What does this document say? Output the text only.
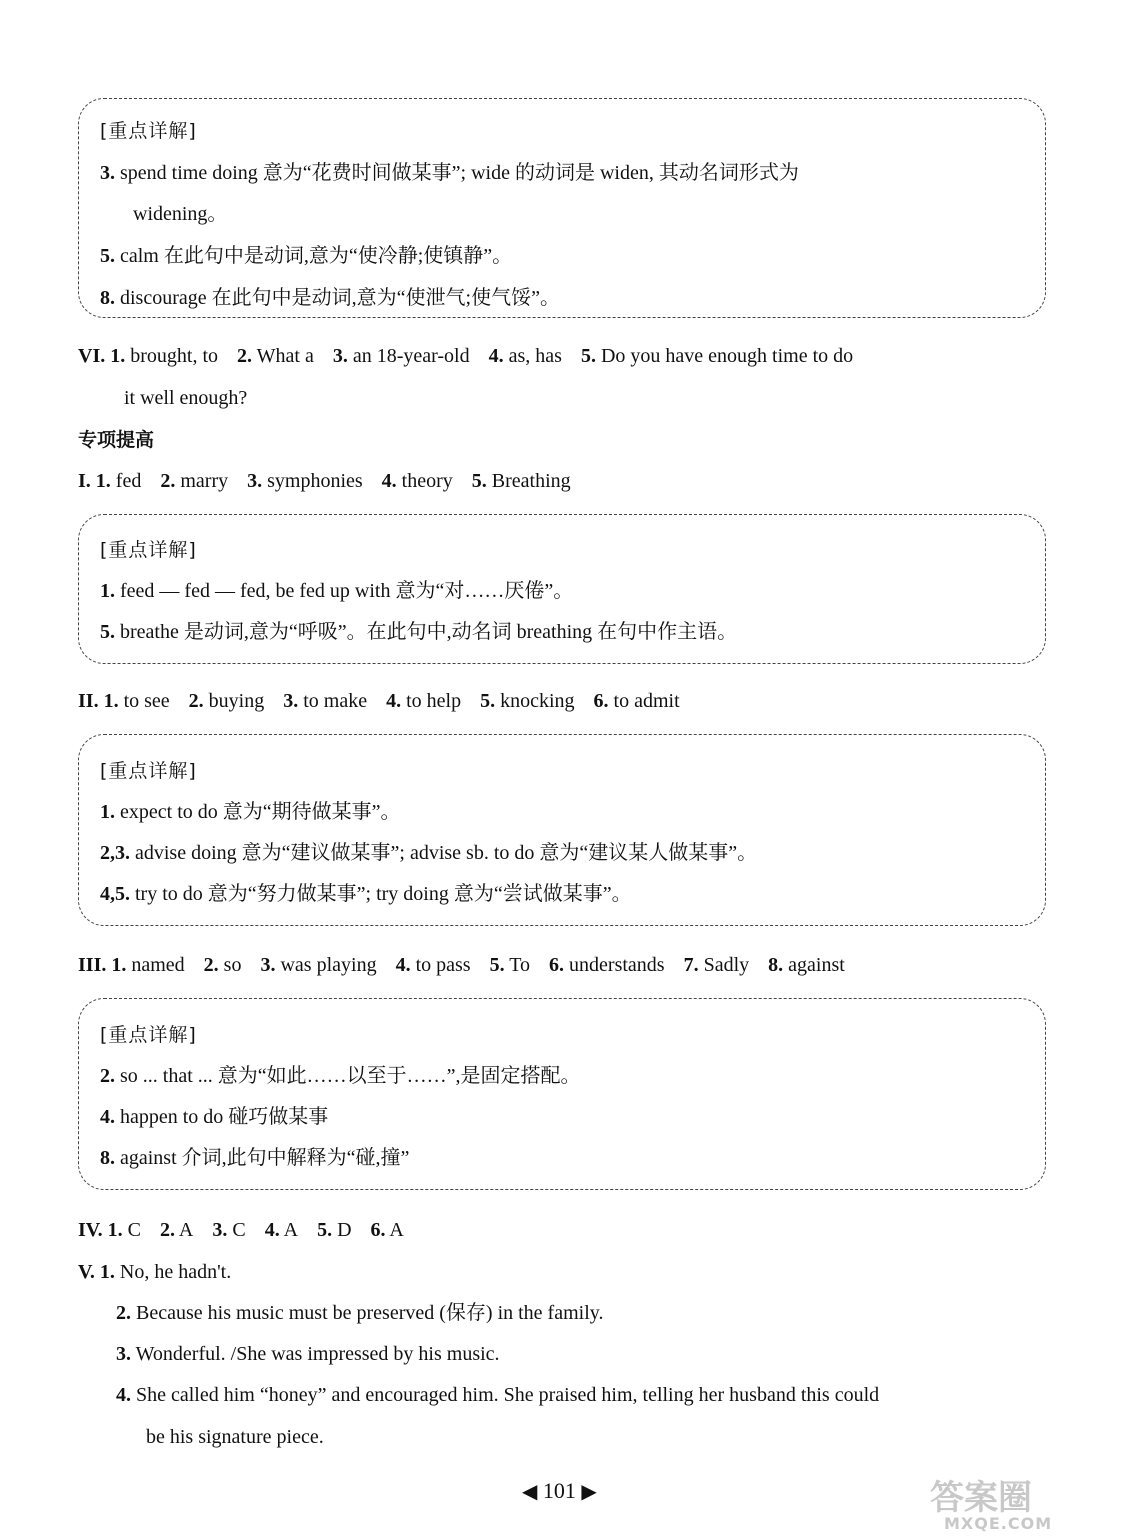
[重点详解]
3. spend time doing 意为“花费时间做某事”; wide 的动词是 widen, 其动名词形式为
widening。
5. calm 在此句中是动词,意为“使冷静;使镇静”。
8. discourage 在此句中是动词,意为“使泄气;使气馁”。
VI. 1. brought, to 2. What a 3. an 18-year-old 4. as, has 5. Do you have enough time to do
it well enough?
专项提高
I. 1. fed 2. marry 3. symphonies 4. theory 5. Breathing
[重点详解]
1. feed — fed — fed, be fed up with 意为“对……厌倦”。
5. breathe 是动词,意为“呼吸”。在此句中,动名词 breathing 在句中作主语。
II. 1. to see 2. buying 3. to make 4. to help 5. knocking 6. to admit
[重点详解]
1. expect to do 意为“期待做某事”。
2,3. advise doing 意为“建议做某事”; advise sb. to do 意为“建议某人做某事”。
4,5. try to do 意为“努力做某事”; try doing 意为“尝试做某事”。
III. 1. named 2. so 3. was playing 4. to pass 5. To 6. understands 7. Sadly 8. against
[重点详解]
2. so ... that ... 意为“如此……以至于……”,是固定搭配。
4. happen to do 碰巧做某事
8. against 介词,此句中解释为“碰,撞”
IV. 1. C 2. A 3. C 4. A 5. D 6. A
V. 1. No, he hadn't.
2. Because his music must be preserved (保存) in the family.
3. Wonderful. /She was impressed by his music.
4. She called him “honey” and encouraged him. She praised him, telling her husband this could
be his signature piece.
◀ 101 ▶	答案圈
MXQE.COM
